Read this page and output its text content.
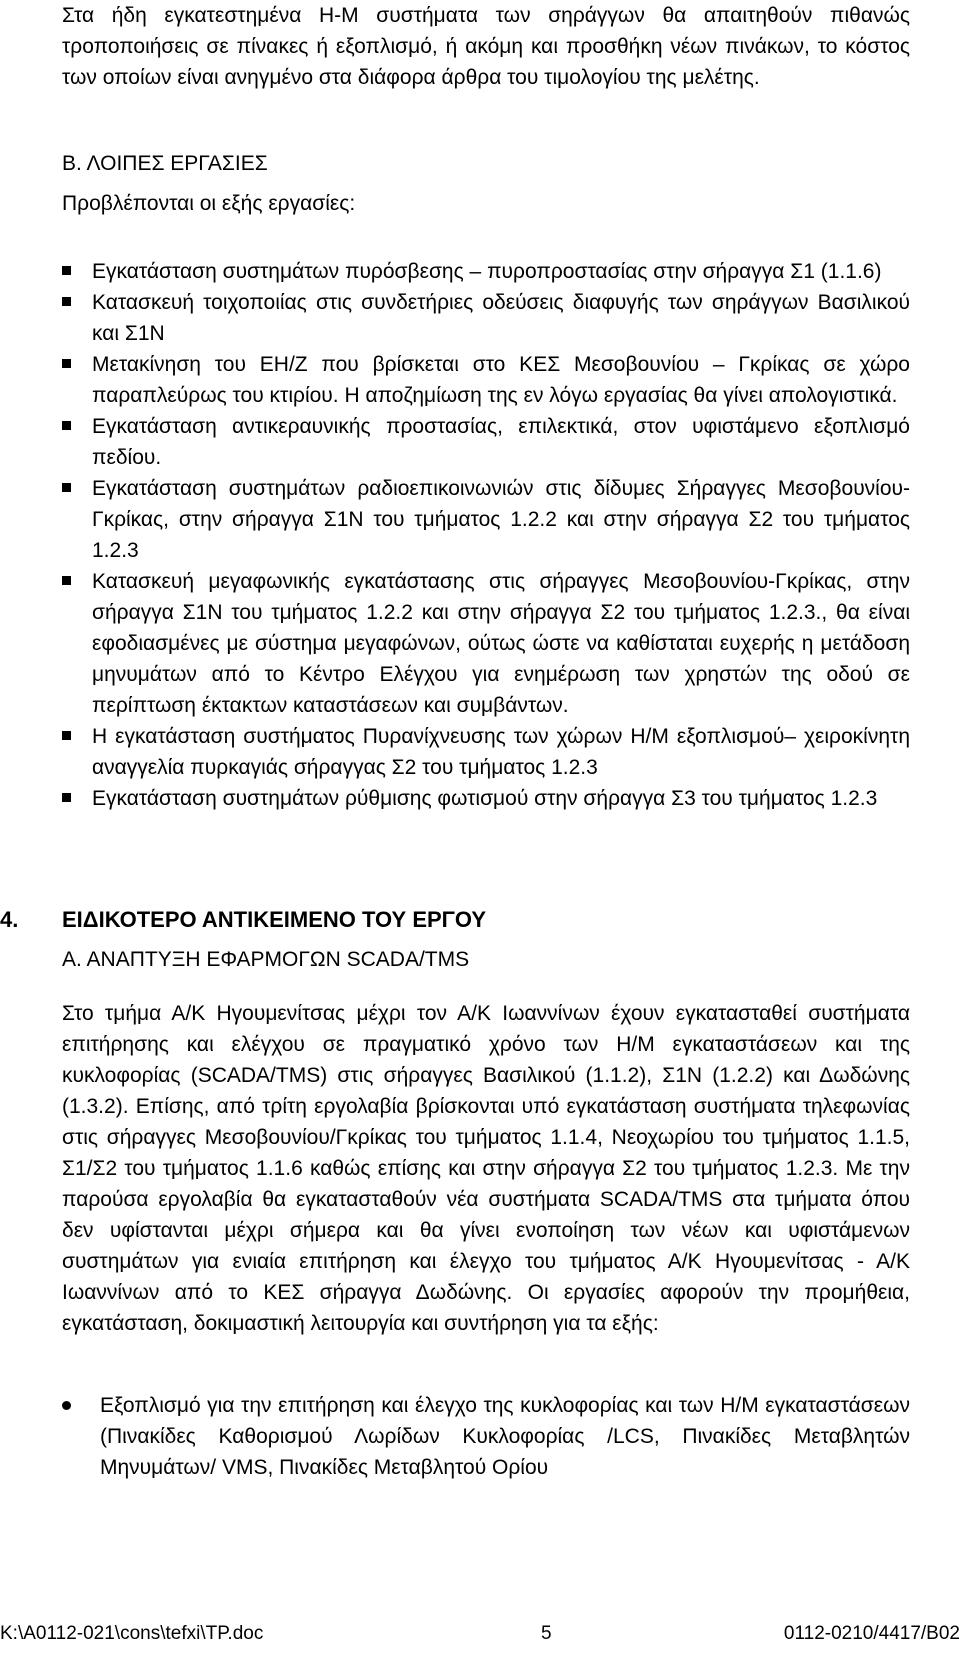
Στα ήδη εγκατεστημένα Η-Μ συστήματα των σηράγγων θα απαιτηθούν πιθανώς τροποποιήσεις σε πίνακες ή εξοπλισμό, ή ακόμη και προσθήκη νέων πινάκων, το κόστος των οποίων είναι ανηγμένο στα διάφορα άρθρα του τιμολογίου της μελέτης.
Β. ΛΟΙΠΕΣ ΕΡΓΑΣΙΕΣ
Προβλέπονται οι εξής εργασίες:
Εγκατάσταση συστημάτων πυρόσβεσης – πυροπροστασίας στην σήραγγα Σ1 (1.1.6)
Κατασκευή τοιχοποιίας στις συνδετήριες οδεύσεις διαφυγής των σηράγγων Βασιλικού και Σ1Ν
Μετακίνηση του ΕΗ/Ζ που βρίσκεται στο ΚΕΣ Μεσοβουνίου – Γκρίκας σε χώρο παραπλεύρως του κτιρίου. Η αποζημίωση της εν λόγω εργασίας θα γίνει απολογιστικά.
Εγκατάσταση αντικεραυνικής προστασίας, επιλεκτικά, στον υφιστάμενο εξοπλισμό πεδίου.
Εγκατάσταση συστημάτων ραδιοεπικοινωνιών στις δίδυμες Σήραγγες Μεσοβουνίου-Γκρίκας, στην σήραγγα Σ1Ν του τμήματος 1.2.2 και στην σήραγγα Σ2 του τμήματος 1.2.3
Κατασκευή μεγαφωνικής εγκατάστασης στις σήραγγες Μεσοβουνίου-Γκρίκας, στην σήραγγα Σ1Ν του τμήματος 1.2.2 και στην σήραγγα Σ2 του τμήματος 1.2.3., θα είναι εφοδιασμένες με σύστημα μεγαφώνων, ούτως ώστε να καθίσταται ευχερής η μετάδοση μηνυμάτων από το Κέντρο Ελέγχου για ενημέρωση των χρηστών της οδού σε περίπτωση έκτακτων καταστάσεων και συμβάντων.
Η εγκατάσταση συστήματος Πυρανίχνευσης των χώρων Η/Μ εξοπλισμού– χειροκίνητη αναγγελία πυρκαγιάς σήραγγας Σ2 του τμήματος 1.2.3
Εγκατάσταση συστημάτων ρύθμισης φωτισμού στην σήραγγα Σ3 του τμήματος 1.2.3
4. ΕΙΔΙΚΟΤΕΡΟ ΑΝΤΙΚΕΙΜΕΝΟ ΤΟΥ ΕΡΓΟΥ
Α. ΑΝΑΠΤΥΞΗ ΕΦΑΡΜΟΓΩΝ SCADA/TMS
Στο τμήμα Α/Κ Ηγουμενίτσας μέχρι τον Α/Κ Ιωαννίνων έχουν εγκατασταθεί συστήματα επιτήρησης και ελέγχου σε πραγματικό χρόνο των Η/Μ εγκαταστάσεων και της κυκλοφορίας (SCADA/TMS) στις σήραγγες Βασιλικού (1.1.2), Σ1Ν (1.2.2) και Δωδώνης (1.3.2). Επίσης, από τρίτη εργολαβία βρίσκονται υπό εγκατάσταση συστήματα τηλεφωνίας στις σήραγγες Μεσοβουνίου/Γκρίκας του τμήματος 1.1.4, Νεοχωρίου του τμήματος 1.1.5, Σ1/Σ2 του τμήματος 1.1.6 καθώς επίσης και στην σήραγγα Σ2 του τμήματος 1.2.3. Με την παρούσα εργολαβία θα εγκατασταθούν νέα συστήματα SCADA/TMS στα τμήματα όπου δεν υφίστανται μέχρι σήμερα και θα γίνει ενοποίηση των νέων και υφιστάμενων συστημάτων για ενιαία επιτήρηση και έλεγχο του τμήματος Α/Κ Ηγουμενίτσας - Α/Κ Ιωαννίνων από το ΚΕΣ σήραγγα Δωδώνης. Οι εργασίες αφορούν την προμήθεια, εγκατάσταση, δοκιμαστική λειτουργία και συντήρηση για τα εξής:
Εξοπλισμό για την επιτήρηση και έλεγχο της κυκλοφορίας και των Η/Μ εγκαταστάσεων (Πινακίδες Καθορισμού Λωρίδων Κυκλοφορίας /LCS, Πινακίδες Μεταβλητών Μηνυμάτων/ VMS, Πινακίδες Μεταβλητού Ορίου
K:\A0112-021\cons\tefxi\TP.doc	5	0112-0210/4417/B02
